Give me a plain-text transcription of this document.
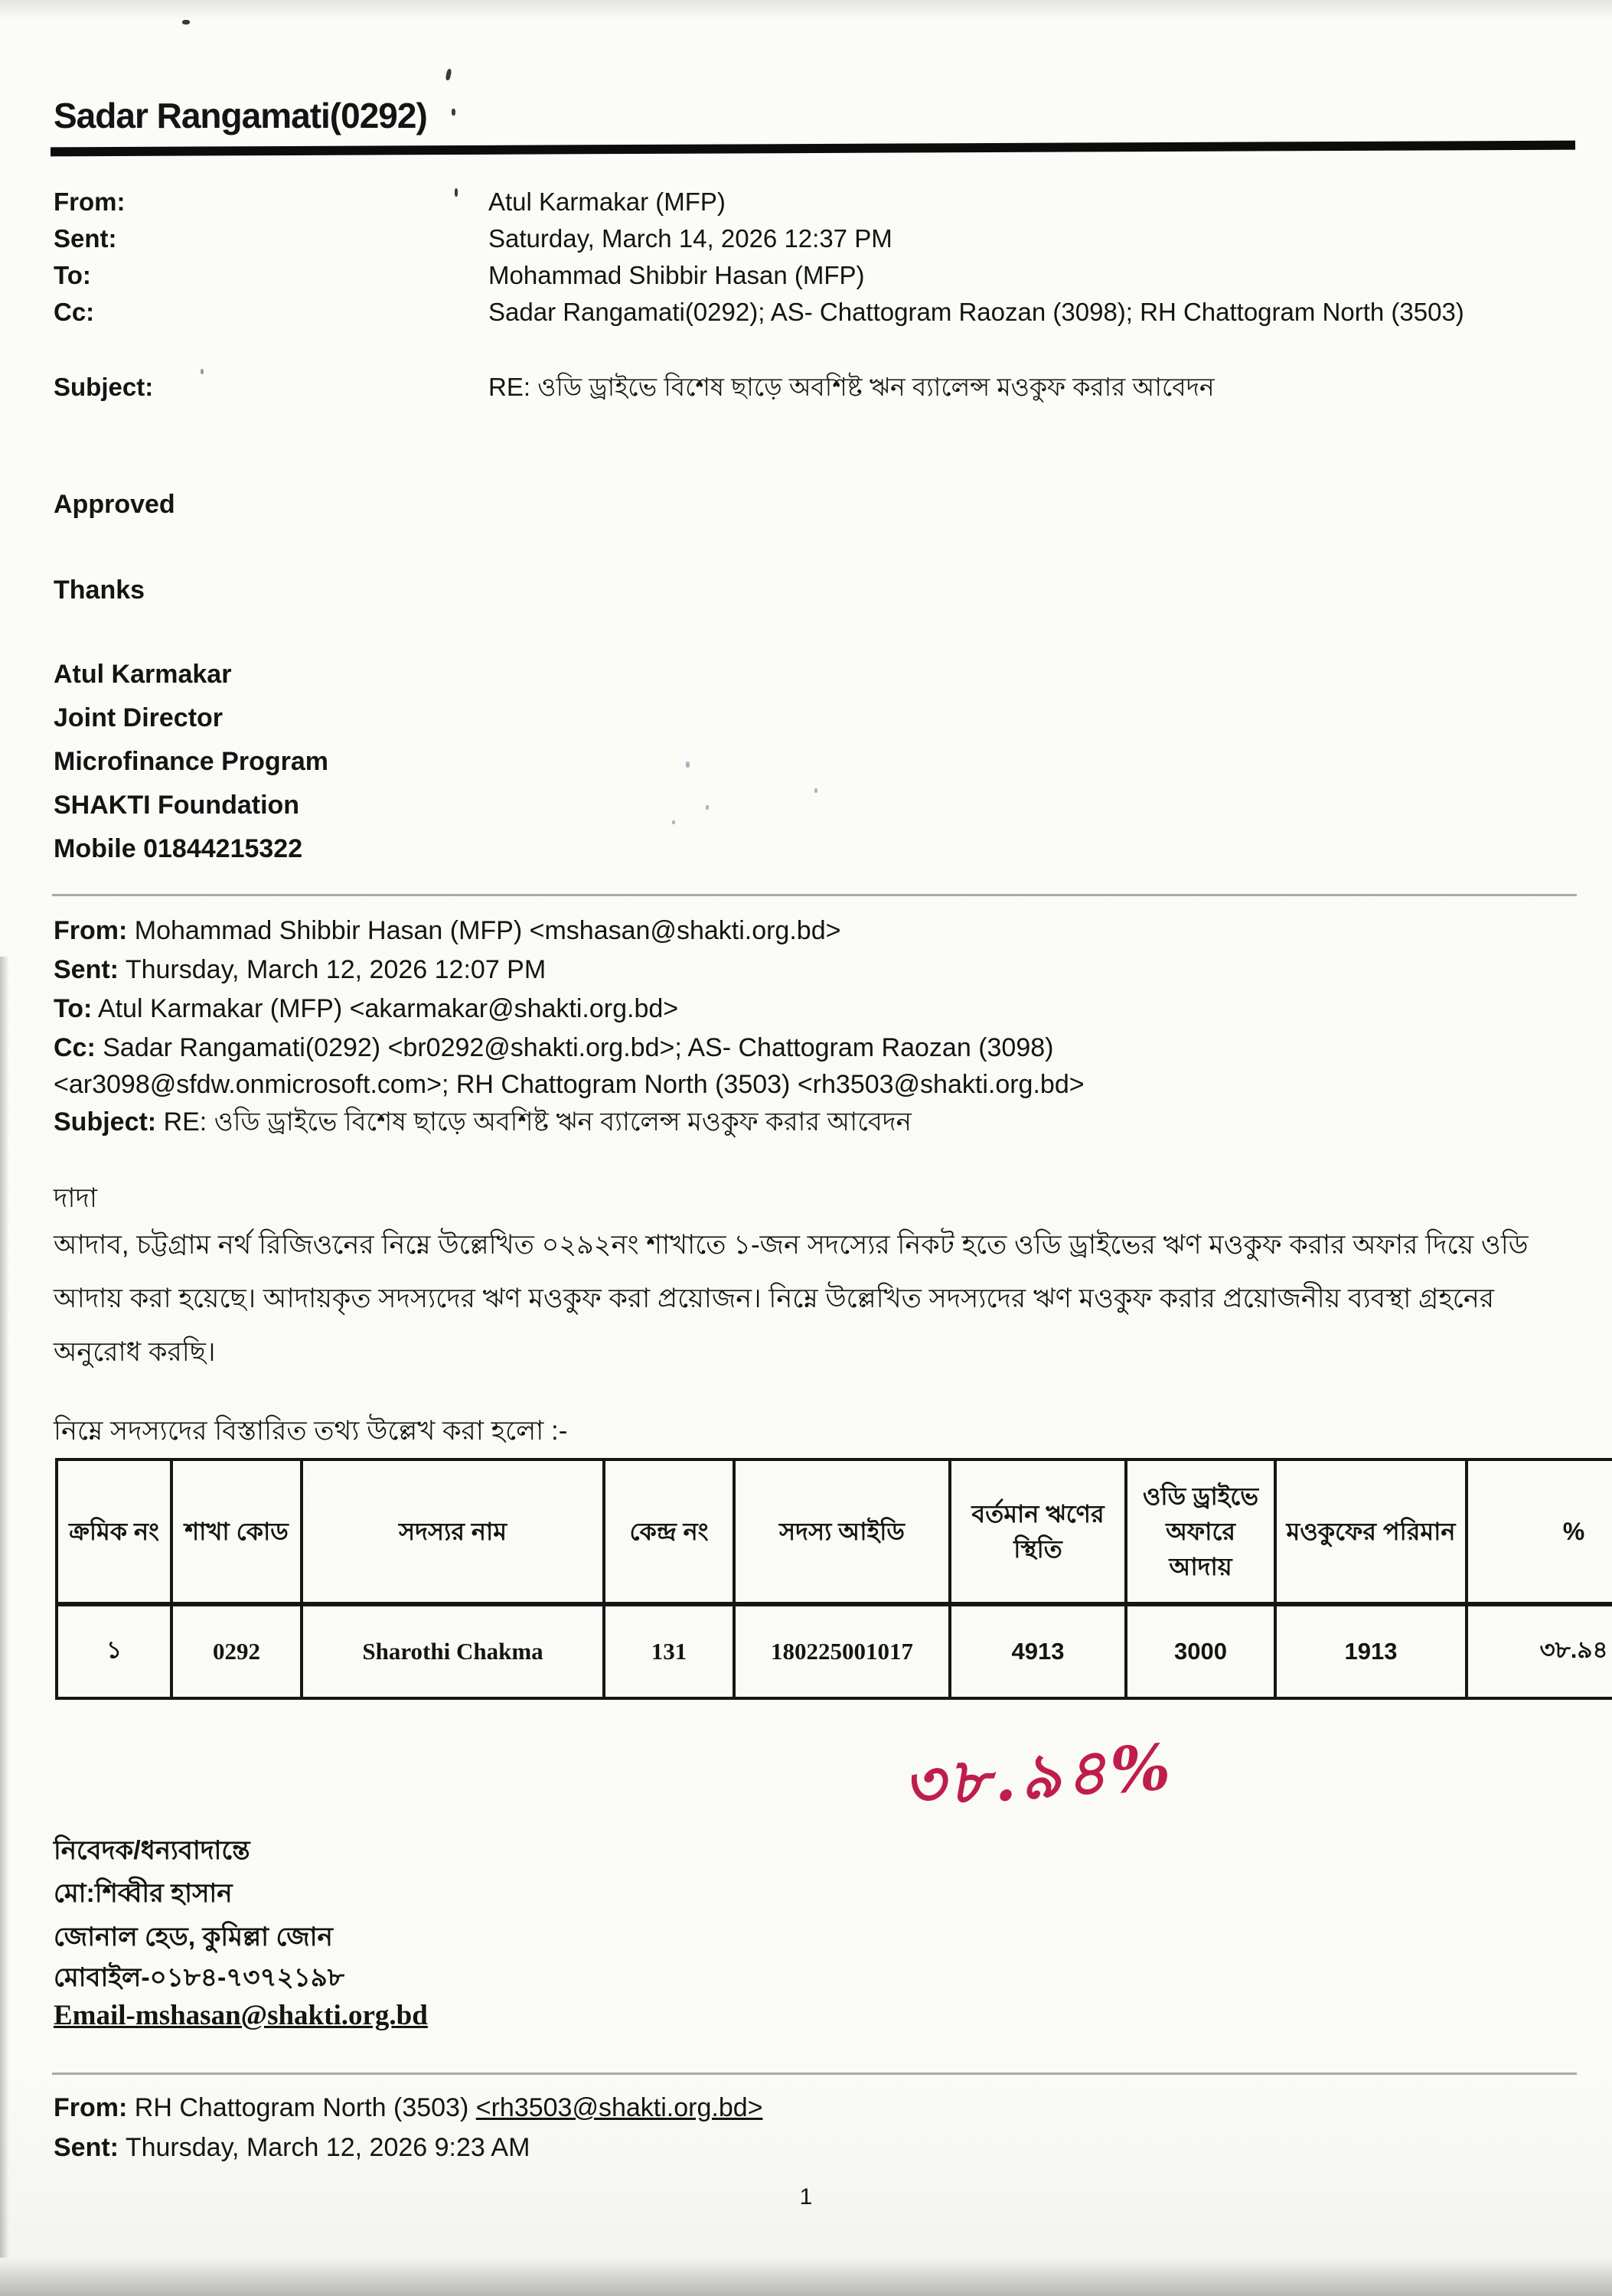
Sadar Rangamati(0292)
From:	Atul Karmakar (MFP)
Sent:	Saturday, March 14, 2026 12:37 PM
To:	Mohammad Shibbir Hasan (MFP)
Cc:	Sadar Rangamati(0292); AS- Chattogram Raozan (3098); RH Chattogram North (3503)
Subject:	RE: ওডি ড্রাইভে বিশেষ ছাড়ে অবশিষ্ট ঋন ব্যালেন্স মওকুফ করার আবেদন
Approved
Thanks
Atul Karmakar
Joint Director
Microfinance Program
SHAKTI Foundation
Mobile 01844215322
From: Mohammad Shibbir Hasan (MFP) <mshasan@shakti.org.bd>
Sent: Thursday, March 12, 2026 12:07 PM
To: Atul Karmakar (MFP) <akarmakar@shakti.org.bd>
Cc: Sadar Rangamati(0292) <br0292@shakti.org.bd>; AS- Chattogram Raozan (3098) <ar3098@sfdw.onmicrosoft.com>; RH Chattogram North (3503) <rh3503@shakti.org.bd>
Subject: RE: ওডি ড্রাইভে বিশেষ ছাড়ে অবশিষ্ট ঋন ব্যালেন্স মওকুফ করার আবেদন
দাদা
আদাব, চট্টগ্রাম নর্থ রিজিওনের নিম্নে উল্লেখিত ০২৯২নং শাখাতে ১-জন সদস্যের নিকট হতে ওডি ড্রাইভের ঋণ মওকুফ করার অফার দিয়ে ওডি আদায় করা হয়েছে। আদায়কৃত সদস্যদের ঋণ মওকুফ করা প্রয়োজন। নিম্নে উল্লেখিত সদস্যদের ঋণ মওকুফ করার প্রয়োজনীয় ব্যবস্থা গ্রহনের অনুরোধ করছি।
নিম্নে সদস্যদের বিস্তারিত তথ্য উল্লেখ করা হলো :-
ক্রমিক নং	শাখা কোড	সদস্যর নাম	কেন্দ্র নং	সদস্য আইডি	বর্তমান ঋণের স্থিতি	ওডি ড্রাইভে অফারে আদায়	মওকুফের পরিমান	%
১	0292	Sharothi Chakma	131	180225001017	4913	3000	1913	৩৮.৯৪
৩৮.৯৪%
নিবেদক/ধন্যবাদান্তে
মো:শিব্বীর হাসান
জোনাল হেড, কুমিল্লা জোন
মোবাইল-০১৮৪-৭৩৭২১৯৮
Email-mshasan@shakti.org.bd
From: RH Chattogram North (3503) <rh3503@shakti.org.bd>
Sent: Thursday, March 12, 2026 9:23 AM
1
